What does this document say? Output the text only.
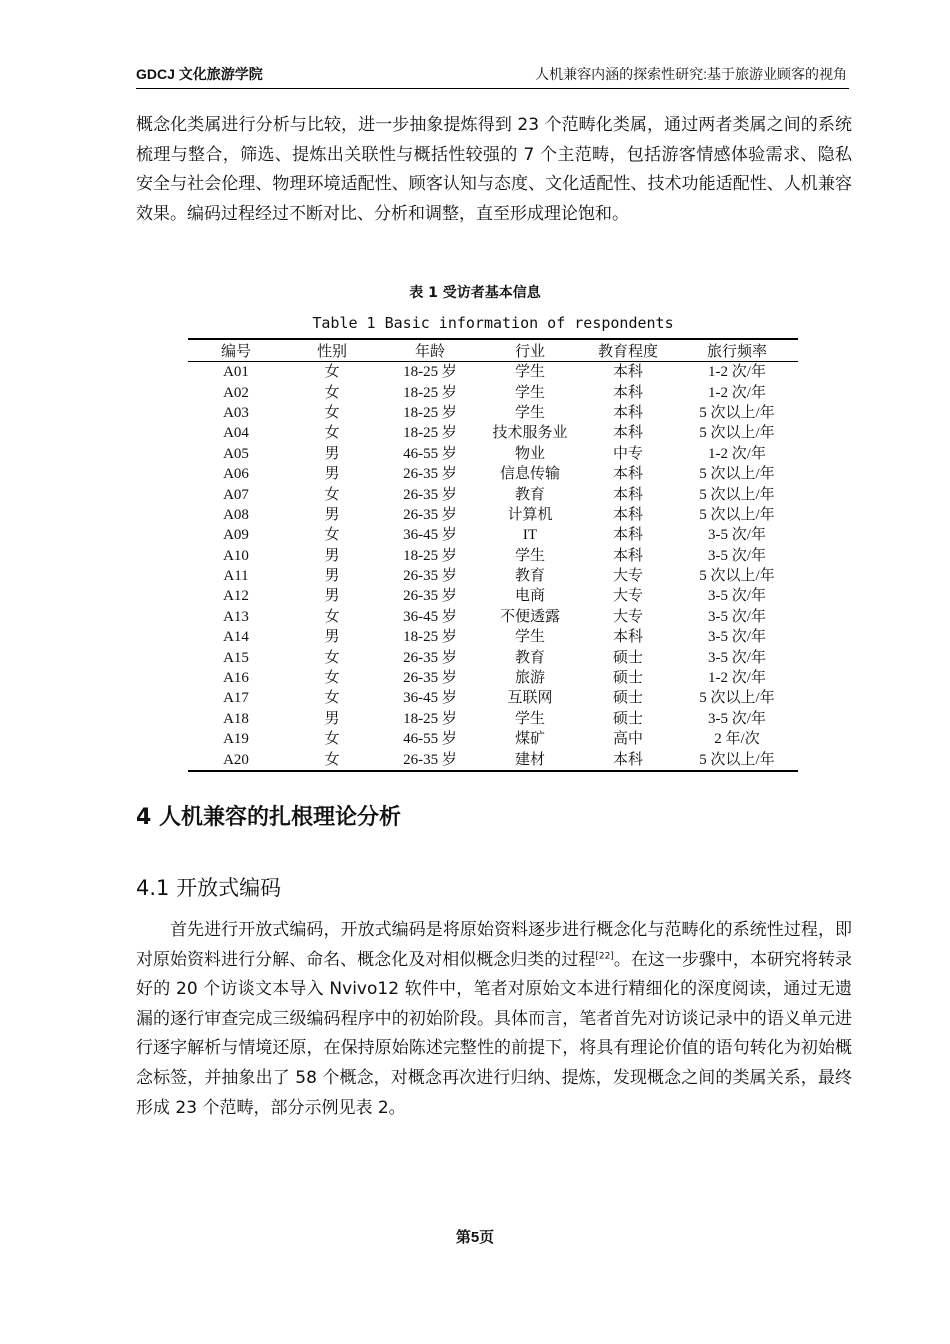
GDCJ 文化旅游学院	人机兼容内涵的探索性研究:基于旅游业顾客的视角

概念化类属进行分析与比较，进一步抽象提炼得到 23 个范畴化类属，通过两者类属之间的系统梳理与整合，筛选、提炼出关联性与概括性较强的 7 个主范畴，包括游客情感体验需求、隐私安全与社会伦理、物理环境适配性、顾客认知与态度、文化适配性、技术功能适配性、人机兼容效果。编码过程经过不断对比、分析和调整，直至形成理论饱和。

表 1 受访者基本信息
Table 1 Basic information of respondents
编号	性别	年龄	行业	教育程度	旅行频率
A01	女	18-25 岁	学生	本科	1-2 次/年
A02	女	18-25 岁	学生	本科	1-2 次/年
A03	女	18-25 岁	学生	本科	5 次以上/年
A04	女	18-25 岁	技术服务业	本科	5 次以上/年
A05	男	46-55 岁	物业	中专	1-2 次/年
A06	男	26-35 岁	信息传输	本科	5 次以上/年
A07	女	26-35 岁	教育	本科	5 次以上/年
A08	男	26-35 岁	计算机	本科	5 次以上/年
A09	女	36-45 岁	IT	本科	3-5 次/年
A10	男	18-25 岁	学生	本科	3-5 次/年
A11	男	26-35 岁	教育	大专	5 次以上/年
A12	男	26-35 岁	电商	大专	3-5 次/年
A13	女	36-45 岁	不便透露	大专	3-5 次/年
A14	男	18-25 岁	学生	本科	3-5 次/年
A15	女	26-35 岁	教育	硕士	3-5 次/年
A16	女	26-35 岁	旅游	硕士	1-2 次/年
A17	女	36-45 岁	互联网	硕士	5 次以上/年
A18	男	18-25 岁	学生	硕士	3-5 次/年
A19	女	46-55 岁	煤矿	高中	2 年/次
A20	女	26-35 岁	建材	本科	5 次以上/年
4 人机兼容的扎根理论分析
4.1 开放式编码

首先进行开放式编码，开放式编码是将原始资料逐步进行概念化与范畴化的系统性过程，即对原始资料进行分解、命名、概念化及对相似概念归类的过程[22]。在这一步骤中，本研究将转录好的 20 个访谈文本导入 Nvivo12 软件中，笔者对原始文本进行精细化的深度阅读，通过无遗漏的逐行审查完成三级编码程序中的初始阶段。具体而言，笔者首先对访谈记录中的语义单元进行逐字解析与情境还原，在保持原始陈述完整性的前提下，将具有理论价值的语句转化为初始概念标签，并抽象出了 58 个概念，对概念再次进行归纳、提炼，发现概念之间的类属关系，最终形成 23 个范畴，部分示例见表 2。

第5页
